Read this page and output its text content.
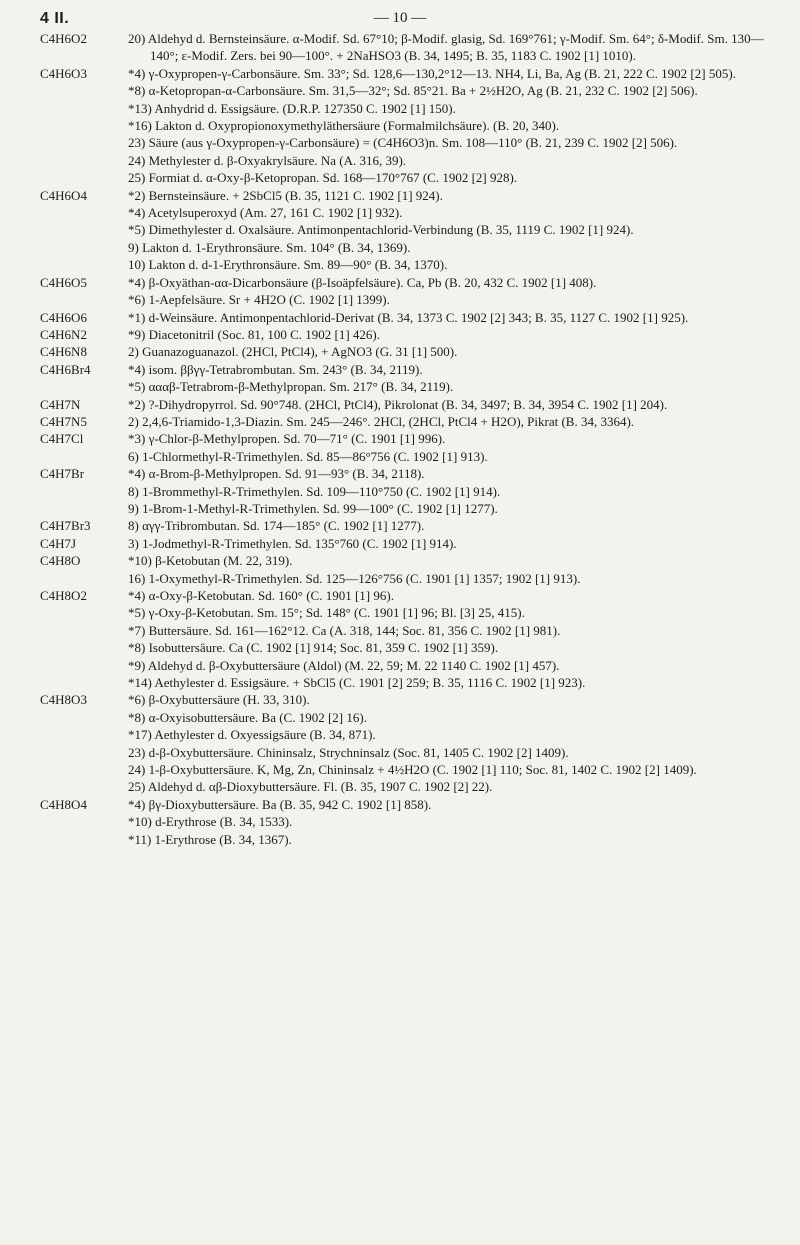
4 II.	— 10 —
C4H6O2	20) Aldehyd d. Bernsteinsäure. α-Modif. Sd. 67°10; β-Modif. glasig, Sd. 169°761; γ-Modif. Sm. 64°; δ-Modif. Sm. 130—140°; ε-Modif. Zers. bei 90—100°. + 2NaHSO3 (B. 34, 1495; B. 35, 1183 C. 1902 [1] 1010).
C4H6O3	*4) γ-Oxypropen-γ-Carbonsäure. Sm. 33°; Sd. 128,6—130,2°12—13. NH4, Li, Ba, Ag (B. 21, 222 C. 1902 [2] 505).
*8) α-Ketopropan-α-Carbonsäure. Sm. 31,5—32°; Sd. 85°21. Ba + 2½H2O, Ag (B. 21, 232 C. 1902 [2] 506).
*13) Anhydrid d. Essigsäure. (D.R.P. 127350 C. 1902 [1] 150).
*16) Lakton d. Oxypropionoxymethyläthersäure (Formalmilchsäure). (B. 20, 340).
23) Säure (aus γ-Oxypropen-γ-Carbonsäure) = (C4H6O3)n. Sm. 108—110° (B. 21, 239 C. 1902 [2] 506).
24) Methylester d. β-Oxyakrylsäure. Na (A. 316, 39).
25) Formiat d. α-Oxy-β-Ketopropan. Sd. 168—170°767 (C. 1902 [2] 928).
C4H6O4	*2) Bernsteinsäure. + 2SbCl5 (B. 35, 1121 C. 1902 [1] 924).
*4) Acetylsuperoxyd (Am. 27, 161 C. 1902 [1] 932).
*5) Dimethylester d. Oxalsäure. Antimonpentachlorid-Verbindung (B. 35, 1119 C. 1902 [1] 924).
9) Lakton d. 1-Erythronsäure. Sm. 104° (B. 34, 1369).
10) Lakton d. d-1-Erythronsäure. Sm. 89—90° (B. 34, 1370).
C4H6O5	*4) β-Oxyäthan-αα-Dicarbonsäure (β-Isoäpfelsäure). Ca, Pb (B. 20, 432 C. 1902 [1] 408).
*6) 1-Aepfelsäure. Sr + 4H2O (C. 1902 [1] 1399).
C4H6O6	*1) d-Weinsäure. Antimonpentachlorid-Derivat (B. 34, 1373 C. 1902 [2] 343; B. 35, 1127 C. 1902 [1] 925).
C4H6N2	*9) Diacetonitril (Soc. 81, 100 C. 1902 [1] 426).
C4H6N8	2) Guanazoguanazol. (2HCl, PtCl4), + AgNO3 (G. 31 [1] 500).
C4H6Br4	*4) isom. ββγγ-Tetrabrombutan. Sm. 243° (B. 34, 2119).
*5) αααβ-Tetrabrom-β-Methylpropan. Sm. 217° (B. 34, 2119).
C4H7N	*2) ?-Dihydropyrrol. Sd. 90°748. (2HCl, PtCl4), Pikrolonat (B. 34, 3497; B. 34, 3954 C. 1902 [1] 204).
C4H7N5	2) 2,4,6-Triamido-1,3-Diazin. Sm. 245—246°. 2HCl, (2HCl, PtCl4 + H2O), Pikrat (B. 34, 3364).
C4H7Cl	*3) γ-Chlor-β-Methylpropen. Sd. 70—71° (C. 1901 [1] 996).
6) 1-Chlormethyl-R-Trimethylen. Sd. 85—86°756 (C. 1902 [1] 913).
C4H7Br	*4) α-Brom-β-Methylpropen. Sd. 91—93° (B. 34, 2118).
8) 1-Brommethyl-R-Trimethylen. Sd. 109—110°750 (C. 1902 [1] 914).
9) 1-Brom-1-Methyl-R-Trimethylen. Sd. 99—100° (C. 1902 [1] 1277).
C4H7Br3	8) αγγ-Tribrombutan. Sd. 174—185° (C. 1902 [1] 1277).
C4H7J	3) 1-Jodmethyl-R-Trimethylen. Sd. 135°760 (C. 1902 [1] 914).
C4H8O	*10) β-Ketobutan (M. 22, 319).
16) 1-Oxymethyl-R-Trimethylen. Sd. 125—126°756 (C. 1901 [1] 1357; 1902 [1] 913).
C4H8O2	*4) α-Oxy-β-Ketobutan. Sd. 160° (C. 1901 [1] 96).
*5) γ-Oxy-β-Ketobutan. Sm. 15°; Sd. 148° (C. 1901 [1] 96; Bl. [3] 25, 415).
*7) Buttersäure. Sd. 161—162°12. Ca (A. 318, 144; Soc. 81, 356 C. 1902 [1] 981).
*8) Isobuttersäure. Ca (C. 1902 [1] 914; Soc. 81, 359 C. 1902 [1] 359).
*9) Aldehyd d. β-Oxybuttersäure (Aldol) (M. 22, 59; M. 22 1140 C. 1902 [1] 457).
*14) Aethylester d. Essigsäure. + SbCl5 (C. 1901 [2] 259; B. 35, 1116 C. 1902 [1] 923).
C4H8O3	*6) β-Oxybuttersäure (H. 33, 310).
*8) α-Oxyisobuttersäure. Ba (C. 1902 [2] 16).
*17) Aethylester d. Oxyessigsäure (B. 34, 871).
23) d-β-Oxybuttersäure. Chininsalz, Strychninsalz (Soc. 81, 1405 C. 1902 [2] 1409).
24) 1-β-Oxybuttersäure. K, Mg, Zn, Chininsalz + 4½H2O (C. 1902 [1] 110; Soc. 81, 1402 C. 1902 [2] 1409).
25) Aldehyd d. αβ-Dioxybuttersäure. Fl. (B. 35, 1907 C. 1902 [2] 22).
C4H8O4	*4) βγ-Dioxybuttersäure. Ba (B. 35, 942 C. 1902 [1] 858).
*10) d-Erythrose (B. 34, 1533).
*11) 1-Erythrose (B. 34, 1367).
